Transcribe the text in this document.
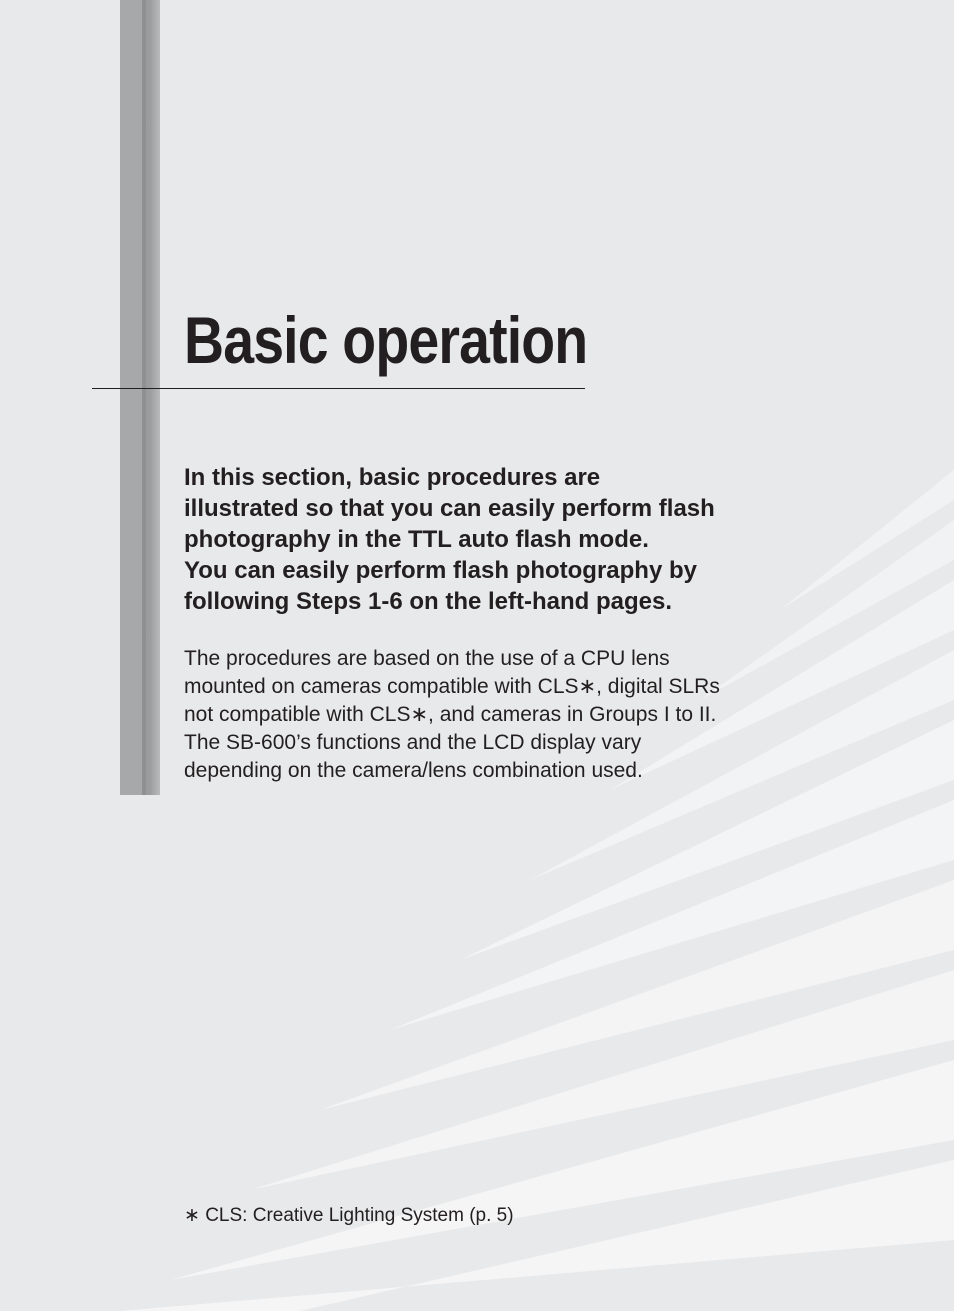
Basic operation

In this section, basic procedures are
illustrated so that you can easily perform flash
photography in the TTL auto flash mode.
You can easily perform flash photography by
following Steps 1-6 on the left-hand pages.

The procedures are based on the use of a CPU lens
mounted on cameras compatible with CLS∗, digital SLRs
not compatible with CLS∗, and cameras in Groups I to II.
The SB-600’s functions and the LCD display vary
depending on the camera/lens combination used.

∗ CLS: Creative Lighting System (p. 5)
